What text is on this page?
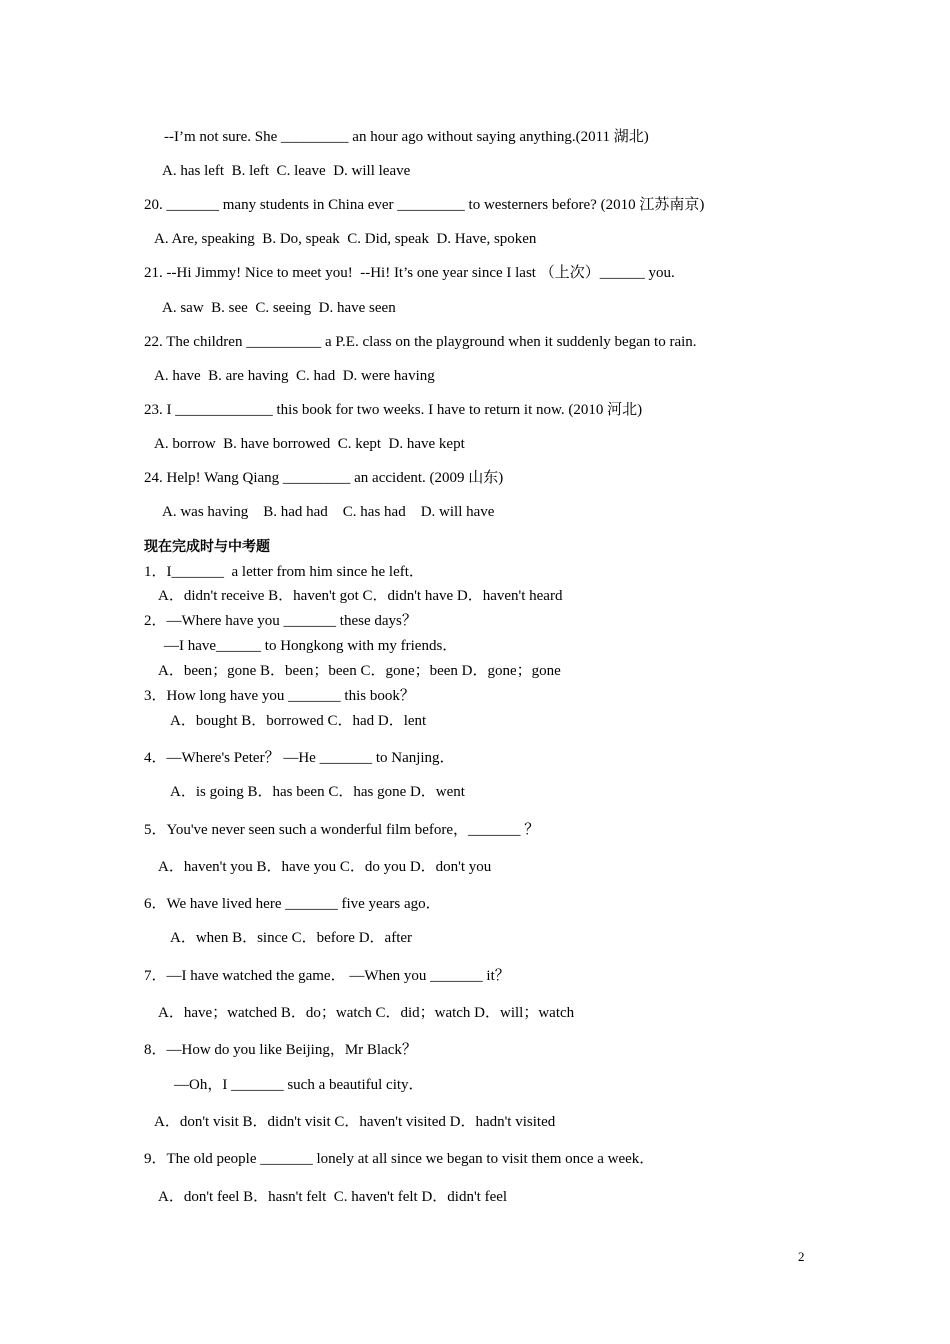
--I’m not sure. She _________ an hour ago without saying anything.(2011 湖北)
A. has left  B. left  C. leave  D. will leave
20. _______ many students in China ever _________ to westerners before? (2010 江苏南京)
A. Are, speaking  B. Do, speak  C. Did, speak  D. Have, spoken
21. --Hi Jimmy! Nice to meet you!  --Hi! It’s one year since I last （上次）______ you.
A. saw  B. see  C. seeing  D. have seen
22. The children __________ a P.E. class on the playground when it suddenly began to rain.
A. have  B. are having  C. had  D. were having
23. I _____________ this book for two weeks. I have to return it now. (2010 河北)
A. borrow  B. have borrowed  C. kept  D. have kept
24. Help! Wang Qiang _________ an accident. (2009 山东)
A. was having    B. had had    C. has had    D. will have
现在完成时与中考题
1．I_______  a letter from him since he left．
A．didn't receive B．haven't got C．didn't have D．haven't heard
2．—Where have you _______ these days？
—I have______ to Hongkong with my friends．
A．been；gone B．been；been C．gone；been D．gone；gone
3．How long have you _______ this book？
A．bought B．borrowed C．had D．lent
4．—Where's Peter？ —He _______ to Nanjing．
A．is going B．has been C．has gone D．went
5．You've never seen such a wonderful film before，_______ ？
A．haven't you B．have you C．do you D．don't you
6．We have lived here _______ five years ago．
A．when B．since C．before D．after
7．—I have watched the game． —When you _______ it？
A．have；watched B．do；watch C．did；watch D．will；watch
8．—How do you like Beijing，Mr Black？
—Oh，I _______ such a beautiful city．
A．don't visit B．didn't visit C．haven't visited D．hadn't visited
9．The old people _______ lonely at all since we began to visit them once a week．
A．don't feel B．hasn't felt  C. haven't felt D．didn't feel
2
